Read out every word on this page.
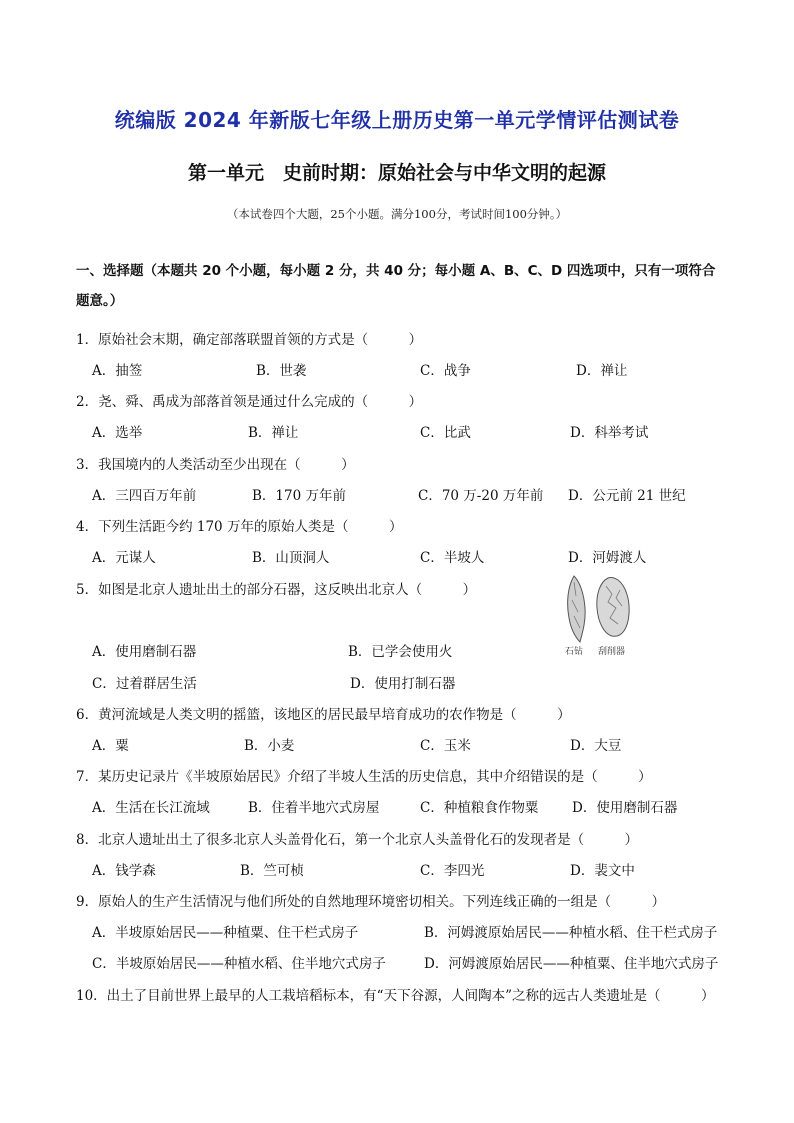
统编版 2024 年新版七年级上册历史第一单元学情评估测试卷
第一单元　史前时期：原始社会与中华文明的起源
（本试卷四个大题，25个小题。满分100分，考试时间100分钟。）
一、选择题（本题共 20 个小题，每小题 2 分，共 40 分；每小题 A、B、C、D 四选项中，只有一项符合题意。）
1．原始社会末期，确定部落联盟首领的方式是（　　　）
A．抽签	B．世袭	C．战争	D．禅让
2．尧、舜、禹成为部落首领是通过什么完成的（　　　）
A．选举	B．禅让	C．比武	D．科举考试
3．我国境内的人类活动至少出现在（　　　）
A．三四百万年前	B．170 万年前	C．70 万-20 万年前 D．公元前 21 世纪
4．下列生活距今约 170 万年的原始人类是（　　　）
A．元谋人	B．山顶洞人	C．半坡人	D．河姆渡人
5．如图是北京人遗址出土的部分石器，这反映出北京人（　　　）
石钻 刮削器
A．使用磨制石器	B．已学会使用火
C．过着群居生活	D．使用打制石器
6．黄河流域是人类文明的摇篮，该地区的居民最早培育成功的农作物是（　　　）
A．粟	B．小麦	C．玉米	D．大豆
7．某历史记录片《半坡原始居民》介绍了半坡人生活的历史信息，其中介绍错误的是（　　　）
A．生活在长江流域	B．住着半地穴式房屋	C．种植粮食作物粟 D．使用磨制石器
8．北京人遗址出土了很多北京人头盖骨化石，第一个北京人头盖骨化石的发现者是（　　　）
A．钱学森	B．竺可桢	C．李四光	D．裴文中
9．原始人的生产生活情况与他们所处的自然地理环境密切相关。下列连线正确的一组是（　　　）
A．半坡原始居民——种植粟、住干栏式房子	B．河姆渡原始居民——种植水稻、住干栏式房子
C．半坡原始居民——种植水稻、住半地穴式房子	D．河姆渡原始居民——种植粟、住半地穴式房子
10．出土了目前世界上最早的人工栽培稻标本，有“天下谷源，人间陶本”之称的远古人类遗址是（　　　）
